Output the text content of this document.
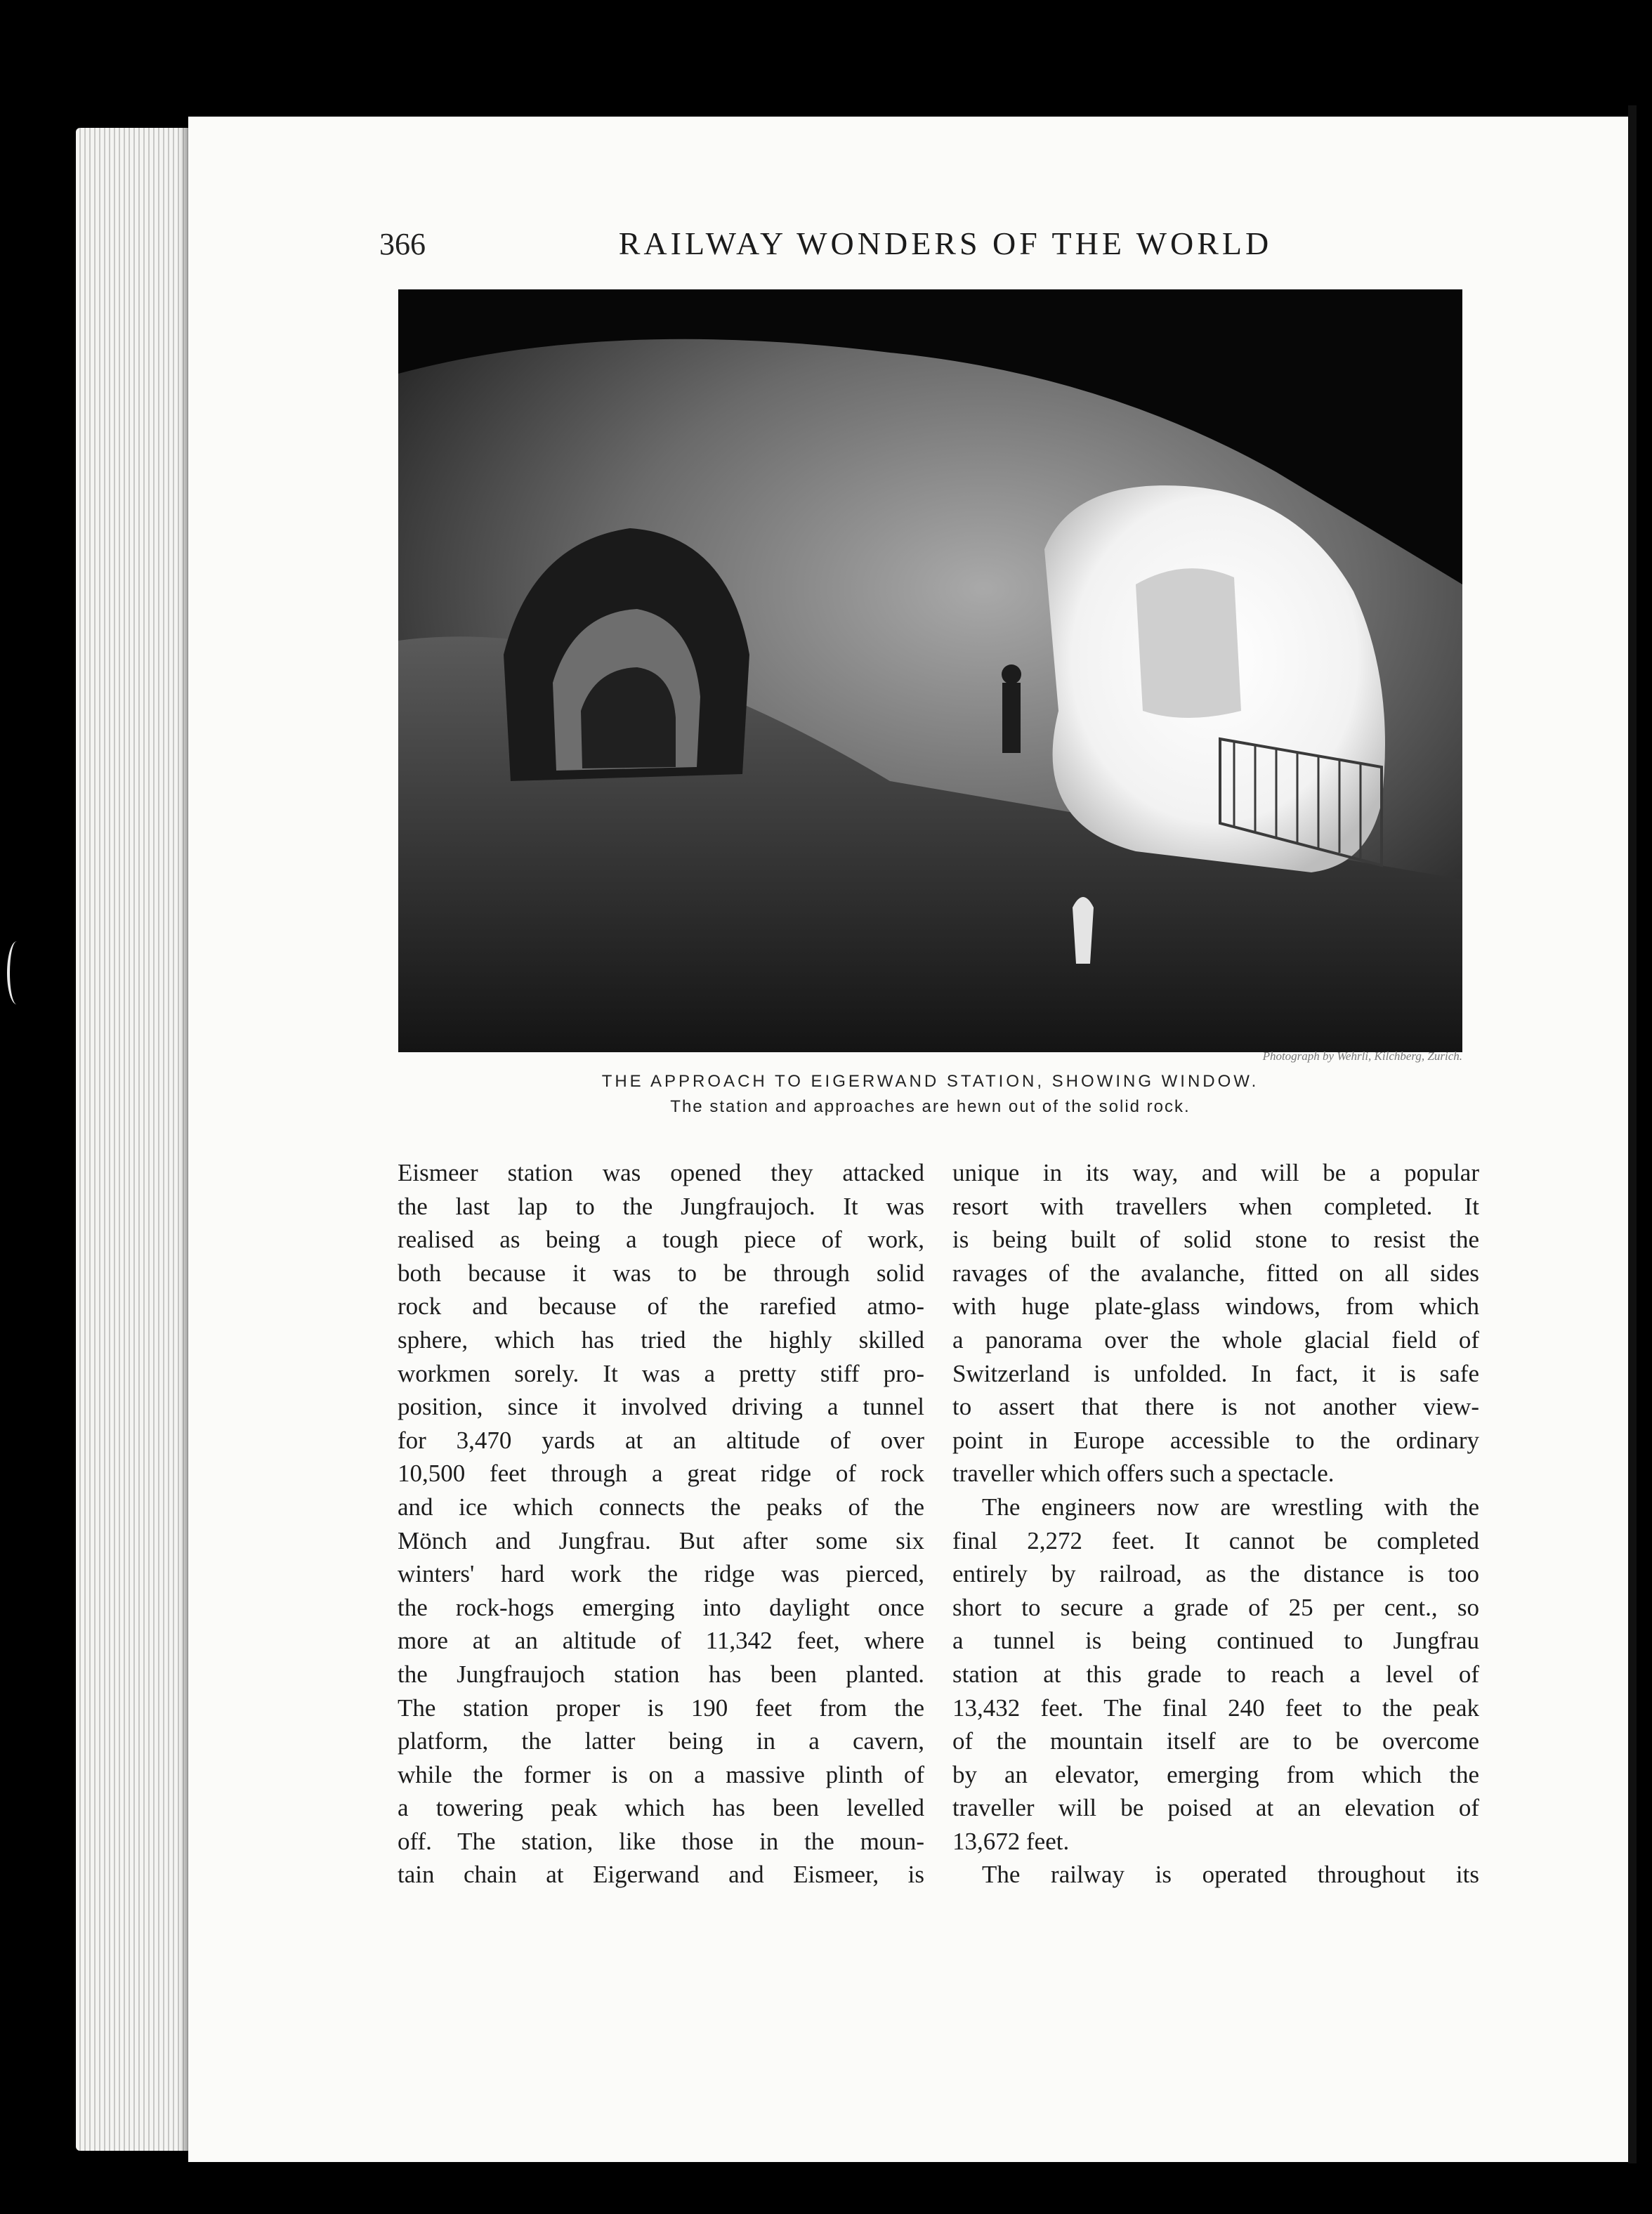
366	RAILWAY WONDERS OF THE WORLD
Photograph by Wehrli, Kilchberg, Zurich.
THE APPROACH TO EIGERWAND STATION, SHOWING WINDOW.
The station and approaches are hewn out of the solid rock.
Eismeer station was opened they attacked
the last lap to the Jungfraujoch. It was
realised as being a tough piece of work,
both because it was to be through solid
rock and because of the rarefied atmo-
sphere, which has tried the highly skilled
workmen sorely. It was a pretty stiff pro-
position, since it involved driving a tunnel
for 3,470 yards at an altitude of over
10,500 feet through a great ridge of rock
and ice which connects the peaks of the
Mönch and Jungfrau. But after some six
winters' hard work the ridge was pierced,
the rock-hogs emerging into daylight once
more at an altitude of 11,342 feet, where
the Jungfraujoch station has been planted.
The station proper is 190 feet from the
platform, the latter being in a cavern,
while the former is on a massive plinth of
a towering peak which has been levelled
off. The station, like those in the moun-
tain chain at Eigerwand and Eismeer, is
unique in its way, and will be a popular
resort with travellers when completed. It
is being built of solid stone to resist the
ravages of the avalanche, fitted on all sides
with huge plate-glass windows, from which
a panorama over the whole glacial field of
Switzerland is unfolded. In fact, it is safe
to assert that there is not another view-
point in Europe accessible to the ordinary
traveller which offers such a spectacle.
The engineers now are wrestling with the
final 2,272 feet. It cannot be completed
entirely by railroad, as the distance is too
short to secure a grade of 25 per cent., so
a tunnel is being continued to Jungfrau
station at this grade to reach a level of
13,432 feet. The final 240 feet to the peak
of the mountain itself are to be overcome
by an elevator, emerging from which the
traveller will be poised at an elevation of
13,672 feet.
The railway is operated throughout its
